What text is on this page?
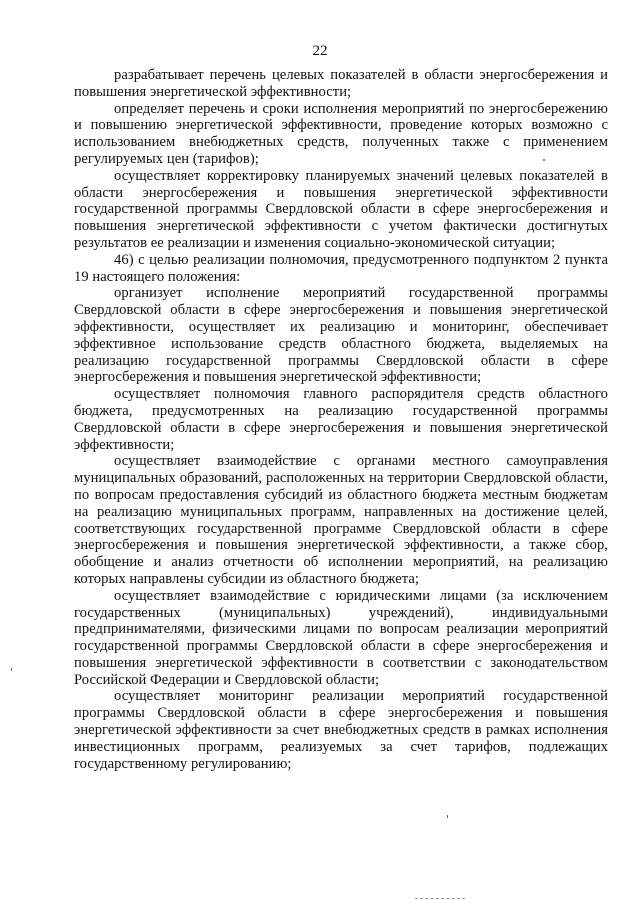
22

разрабатывает перечень целевых показателей в области энергосбережения и повышения энергетической эффективности;

определяет перечень и сроки исполнения мероприятий по энергосбережению и повышению энергетической эффективности, проведение которых возможно с использованием внебюджетных средств, полученных также с применением регулируемых цен (тарифов);

осуществляет корректировку планируемых значений целевых показателей в области энергосбережения и повышения энергетической эффективности государственной программы Свердловской области в сфере энергосбережения и повышения энергетической эффективности с учетом фактически достигнутых результатов ее реализации и изменения социально-экономической ситуации;

46) с целью реализации полномочия, предусмотренного подпунктом 2 пункта 19 настоящего положения:

организует исполнение мероприятий государственной программы Свердловской области в сфере энергосбережения и повышения энергетической эффективности, осуществляет их реализацию и мониторинг, обеспечивает эффективное использование средств областного бюджета, выделяемых на реализацию государственной программы Свердловской области в сфере энергосбережения и повышения энергетической эффективности;

осуществляет полномочия главного распорядителя средств областного бюджета, предусмотренных на реализацию государственной программы Свердловской области в сфере энергосбережения и повышения энергетической эффективности;

осуществляет взаимодействие с органами местного самоуправления муниципальных образований, расположенных на территории Свердловской области, по вопросам предоставления субсидий из областного бюджета местным бюджетам на реализацию муниципальных программ, направленных на достижение целей, соответствующих государственной программе Свердловской области в сфере энергосбережения и повышения энергетической эффективности, а также сбор, обобщение и анализ отчетности об исполнении мероприятий, на реализацию которых направлены субсидии из областного бюджета;

осуществляет взаимодействие с юридическими лицами (за исключением государственных (муниципальных) учреждений), индивидуальными предпринимателями, физическими лицами по вопросам реализации мероприятий государственной программы Свердловской области в сфере энергосбережения и повышения энергетической эффективности в соответствии с законодательством Российской Федерации и Свердловской области;

осуществляет мониторинг реализации мероприятий государственной программы Свердловской области в сфере энергосбережения и повышения энергетической эффективности за счет внебюджетных средств в рамках исполнения инвестиционных программ, реализуемых за счет тарифов, подлежащих государственному регулированию;

‹
